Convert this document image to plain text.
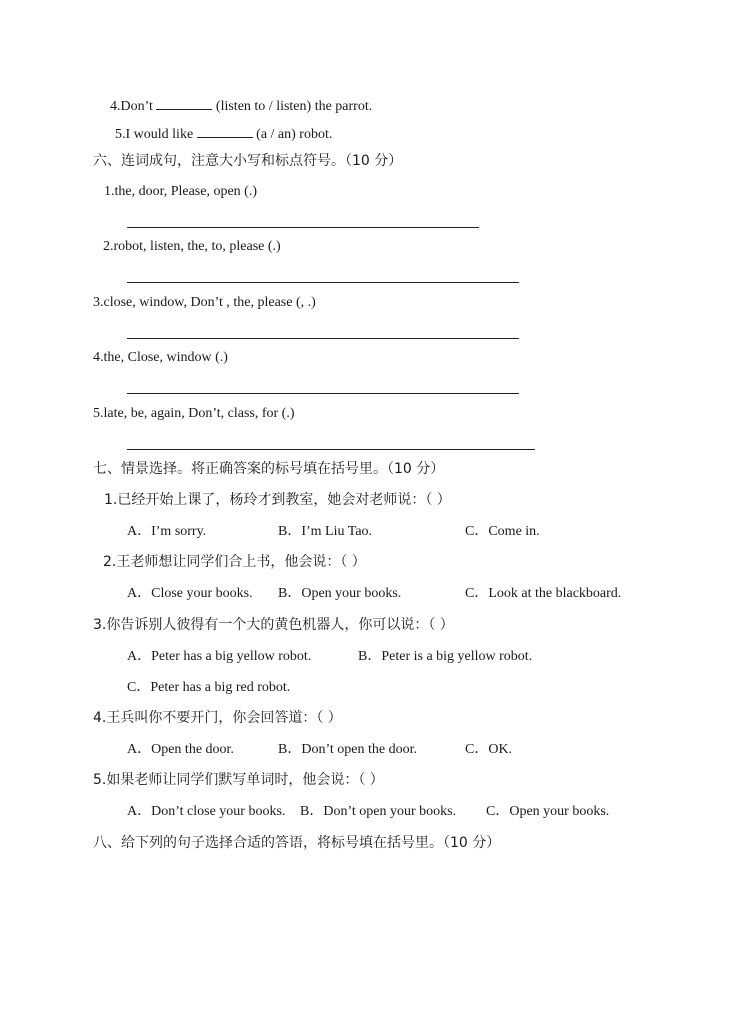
4.Don’t	(listen to / listen) the parrot.
5.I would like	(a / an) robot.
六、连词成句，注意大小写和标点符号。（10 分）
1.the, door, Please, open (.)
2.robot, listen, the, to, please (.)
3.close, window, Don’t , the, please (, .)
4.the, Close, window (.)
5.late, be, again, Don’t, class, for (.)
七、情景选择。将正确答案的标号填在括号里。（10 分）
1.已经开始上课了，杨玲才到教室，她会对老师说：（ ）
A．I’m sorry.	B．I’m Liu Tao.	C．Come in.
2.王老师想让同学们合上书，他会说：（ ）
A．Close your books. B．Open your books.	C．Look at the blackboard.
3.你告诉别人彼得有一个大的黄色机器人，你可以说：（ ）
A．Peter has a big yellow robot.	B．Peter is a big yellow robot.
C．Peter has a big red robot.
4.王兵叫你不要开门，你会回答道：（ ）
A．Open the door.	B．Don’t open the door.	C．OK.
5.如果老师让同学们默写单词时，他会说：（ ）
A．Don’t close your books. B．Don’t open your books. C．Open your books.
八、给下列的句子选择合适的答语，将标号填在括号里。（10 分）
